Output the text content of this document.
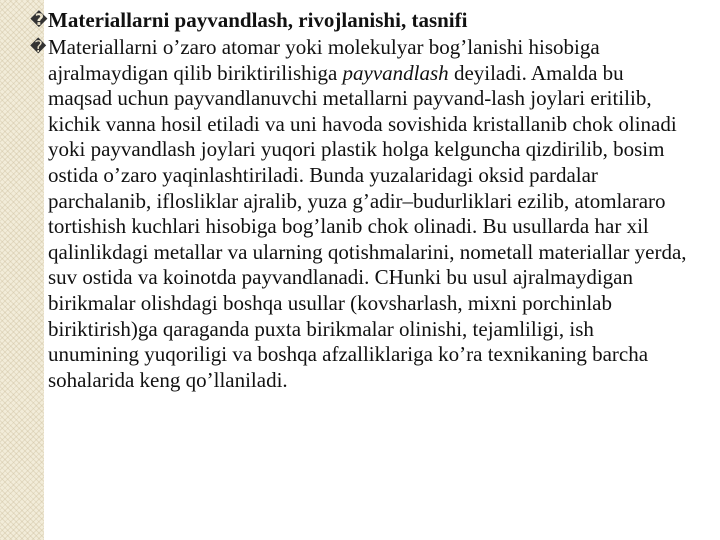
� Materiallarni payvandlash, rivojlanishi, tasnifi
� Materiallarni o’zaro atomar yoki molekulyar bog’lanishi hisobiga ajralmaydigan qilib biriktirilishiga payvandlash deyiladi. Amalda bu maqsad uchun payvandlanuvchi metallarni payvand-lash joylari eritilib, kichik vanna hosil etiladi va uni havoda sovishida kristallanib chok olinadi yoki payvandlash joylari yuqori plastik holga kelguncha qizdirilib, bosim ostida o’zaro yaqinlashtiriladi. Bunda yuzalaridagi oksid pardalar parchalanib, iflosliklar ajralib, yuza g’adir–budurliklari ezilib, atomlararo tortishish kuchlari hisobiga bog’lanib chok olinadi. Bu usullarda har xil qalinlikdagi metallar va ularning qotishmalarini, nometall materiallar yerda, suv ostida va koinotda payvandlanadi. CHunki bu usul ajralmaydigan birikmalar olishdagi boshqa usullar (kovsharlash, mixni porchinlab biriktirish)ga qaraganda puxta birikmalar olinishi, tejamliligi, ish unumining yuqoriligi va boshqa afzalliklariga ko’ra texnikaning barcha sohalarida keng qo’llaniladi.
